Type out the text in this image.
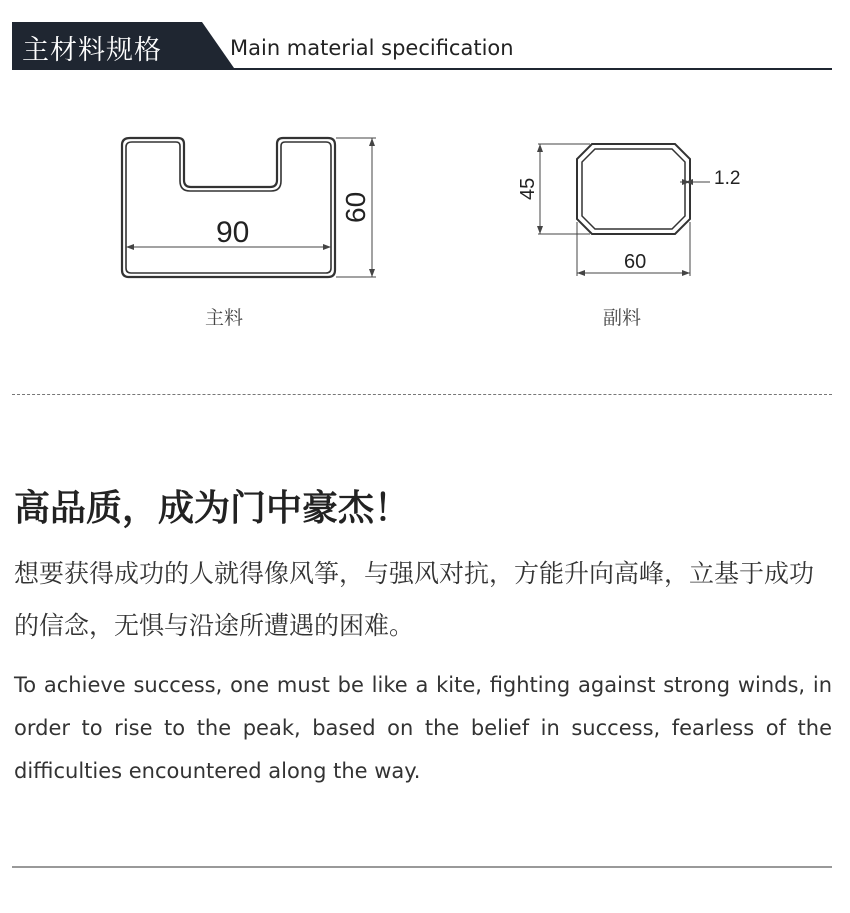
主材料规格	Main material specification
90
60
主料
45
60
1.2
副料
高品质，成为门中豪杰！
想要获得成功的人就得像风筝，与强风对抗，方能升向高峰，立基于成功的信念，无惧与沿途所遭遇的困难。
To achieve success, one must be like a kite, fighting against strong winds, in order to rise to the peak, based on the belief in success, fearless of the difficulties encountered along the way.
